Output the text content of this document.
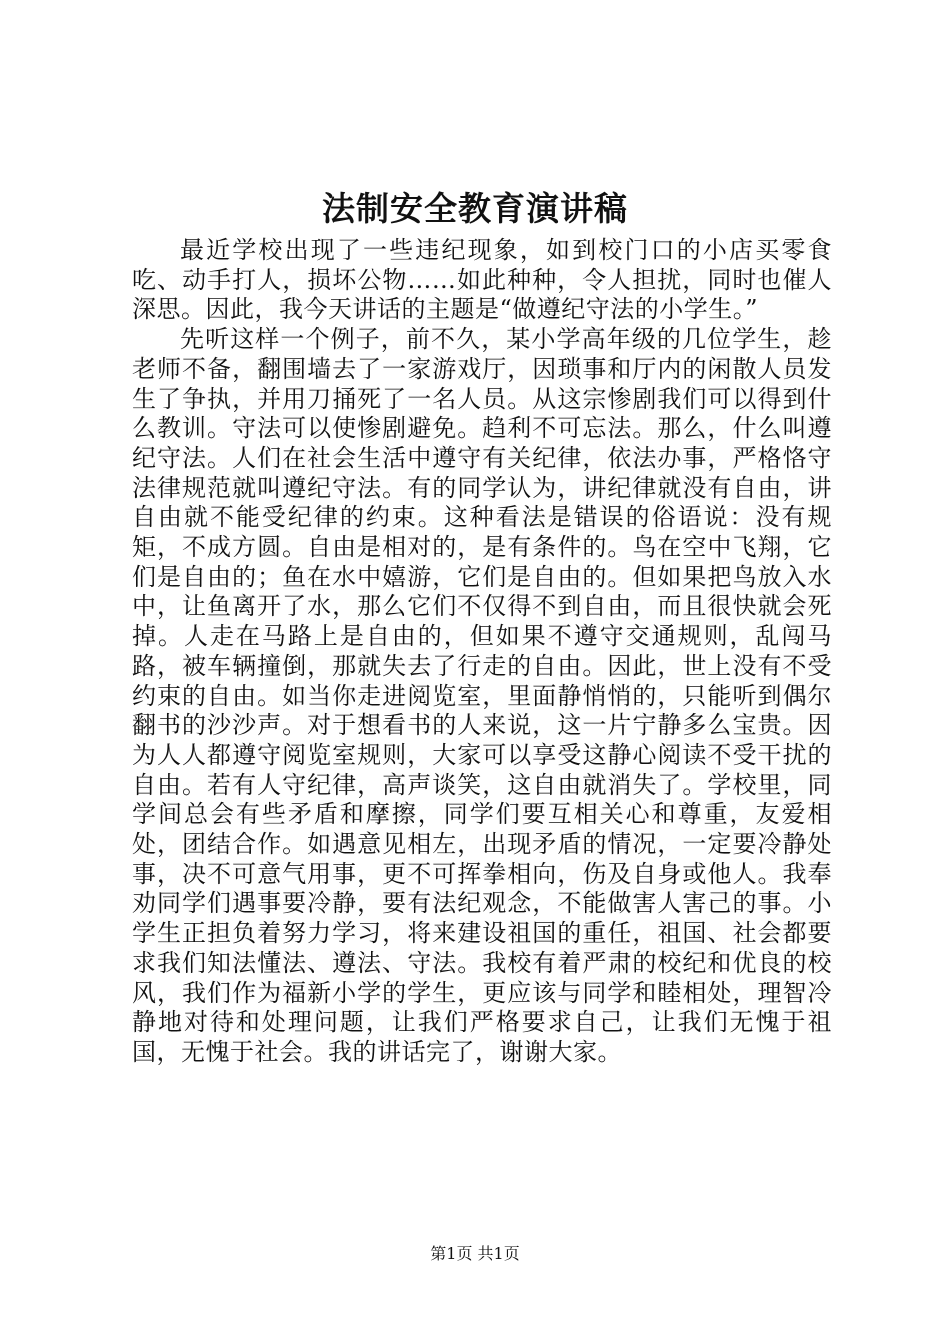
法制安全教育演讲稿

最近学校出现了一些违纪现象，如到校门口的小店买零食吃、动手打人，损坏公物……如此种种，令人担扰，同时也催人深思。因此，我今天讲话的主题是“做遵纪守法的小学生。”

先听这样一个例子，前不久，某小学高年级的几位学生，趁老师不备，翻围墙去了一家游戏厅，因琐事和厅内的闲散人员发生了争执，并用刀捅死了一名人员。从这宗惨剧我们可以得到什么教训。守法可以使惨剧避免。趋利不可忘法。那么，什么叫遵纪守法。人们在社会生活中遵守有关纪律，依法办事，严格恪守法律规范就叫遵纪守法。有的同学认为，讲纪律就没有自由，讲自由就不能受纪律的约束。这种看法是错误的俗语说：没有规矩，不成方圆。自由是相对的，是有条件的。鸟在空中飞翔，它们是自由的；鱼在水中嬉游，它们是自由的。但如果把鸟放入水中，让鱼离开了水，那么它们不仅得不到自由，而且很快就会死掉。人走在马路上是自由的，但如果不遵守交通规则，乱闯马路，被车辆撞倒，那就失去了行走的自由。因此，世上没有不受约束的自由。如当你走进阅览室，里面静悄悄的，只能听到偶尔翻书的沙沙声。对于想看书的人来说，这一片宁静多么宝贵。因为人人都遵守阅览室规则，大家可以享受这静心阅读不受干扰的自由。若有人守纪律，高声谈笑，这自由就消失了。学校里，同学间总会有些矛盾和摩擦，同学们要互相关心和尊重，友爱相处，团结合作。如遇意见相左，出现矛盾的情况，一定要冷静处事，决不可意气用事，更不可挥拳相向，伤及自身或他人。我奉劝同学们遇事要冷静，要有法纪观念，不能做害人害己的事。小学生正担负着努力学习，将来建设祖国的重任，祖国、社会都要求我们知法懂法、遵法、守法。我校有着严肃的校纪和优良的校风，我们作为福新小学的学生，更应该与同学和睦相处，理智冷静地对待和处理问题，让我们严格要求自己，让我们无愧于祖国，无愧于社会。我的讲话完了，谢谢大家。

第1页 共1页
